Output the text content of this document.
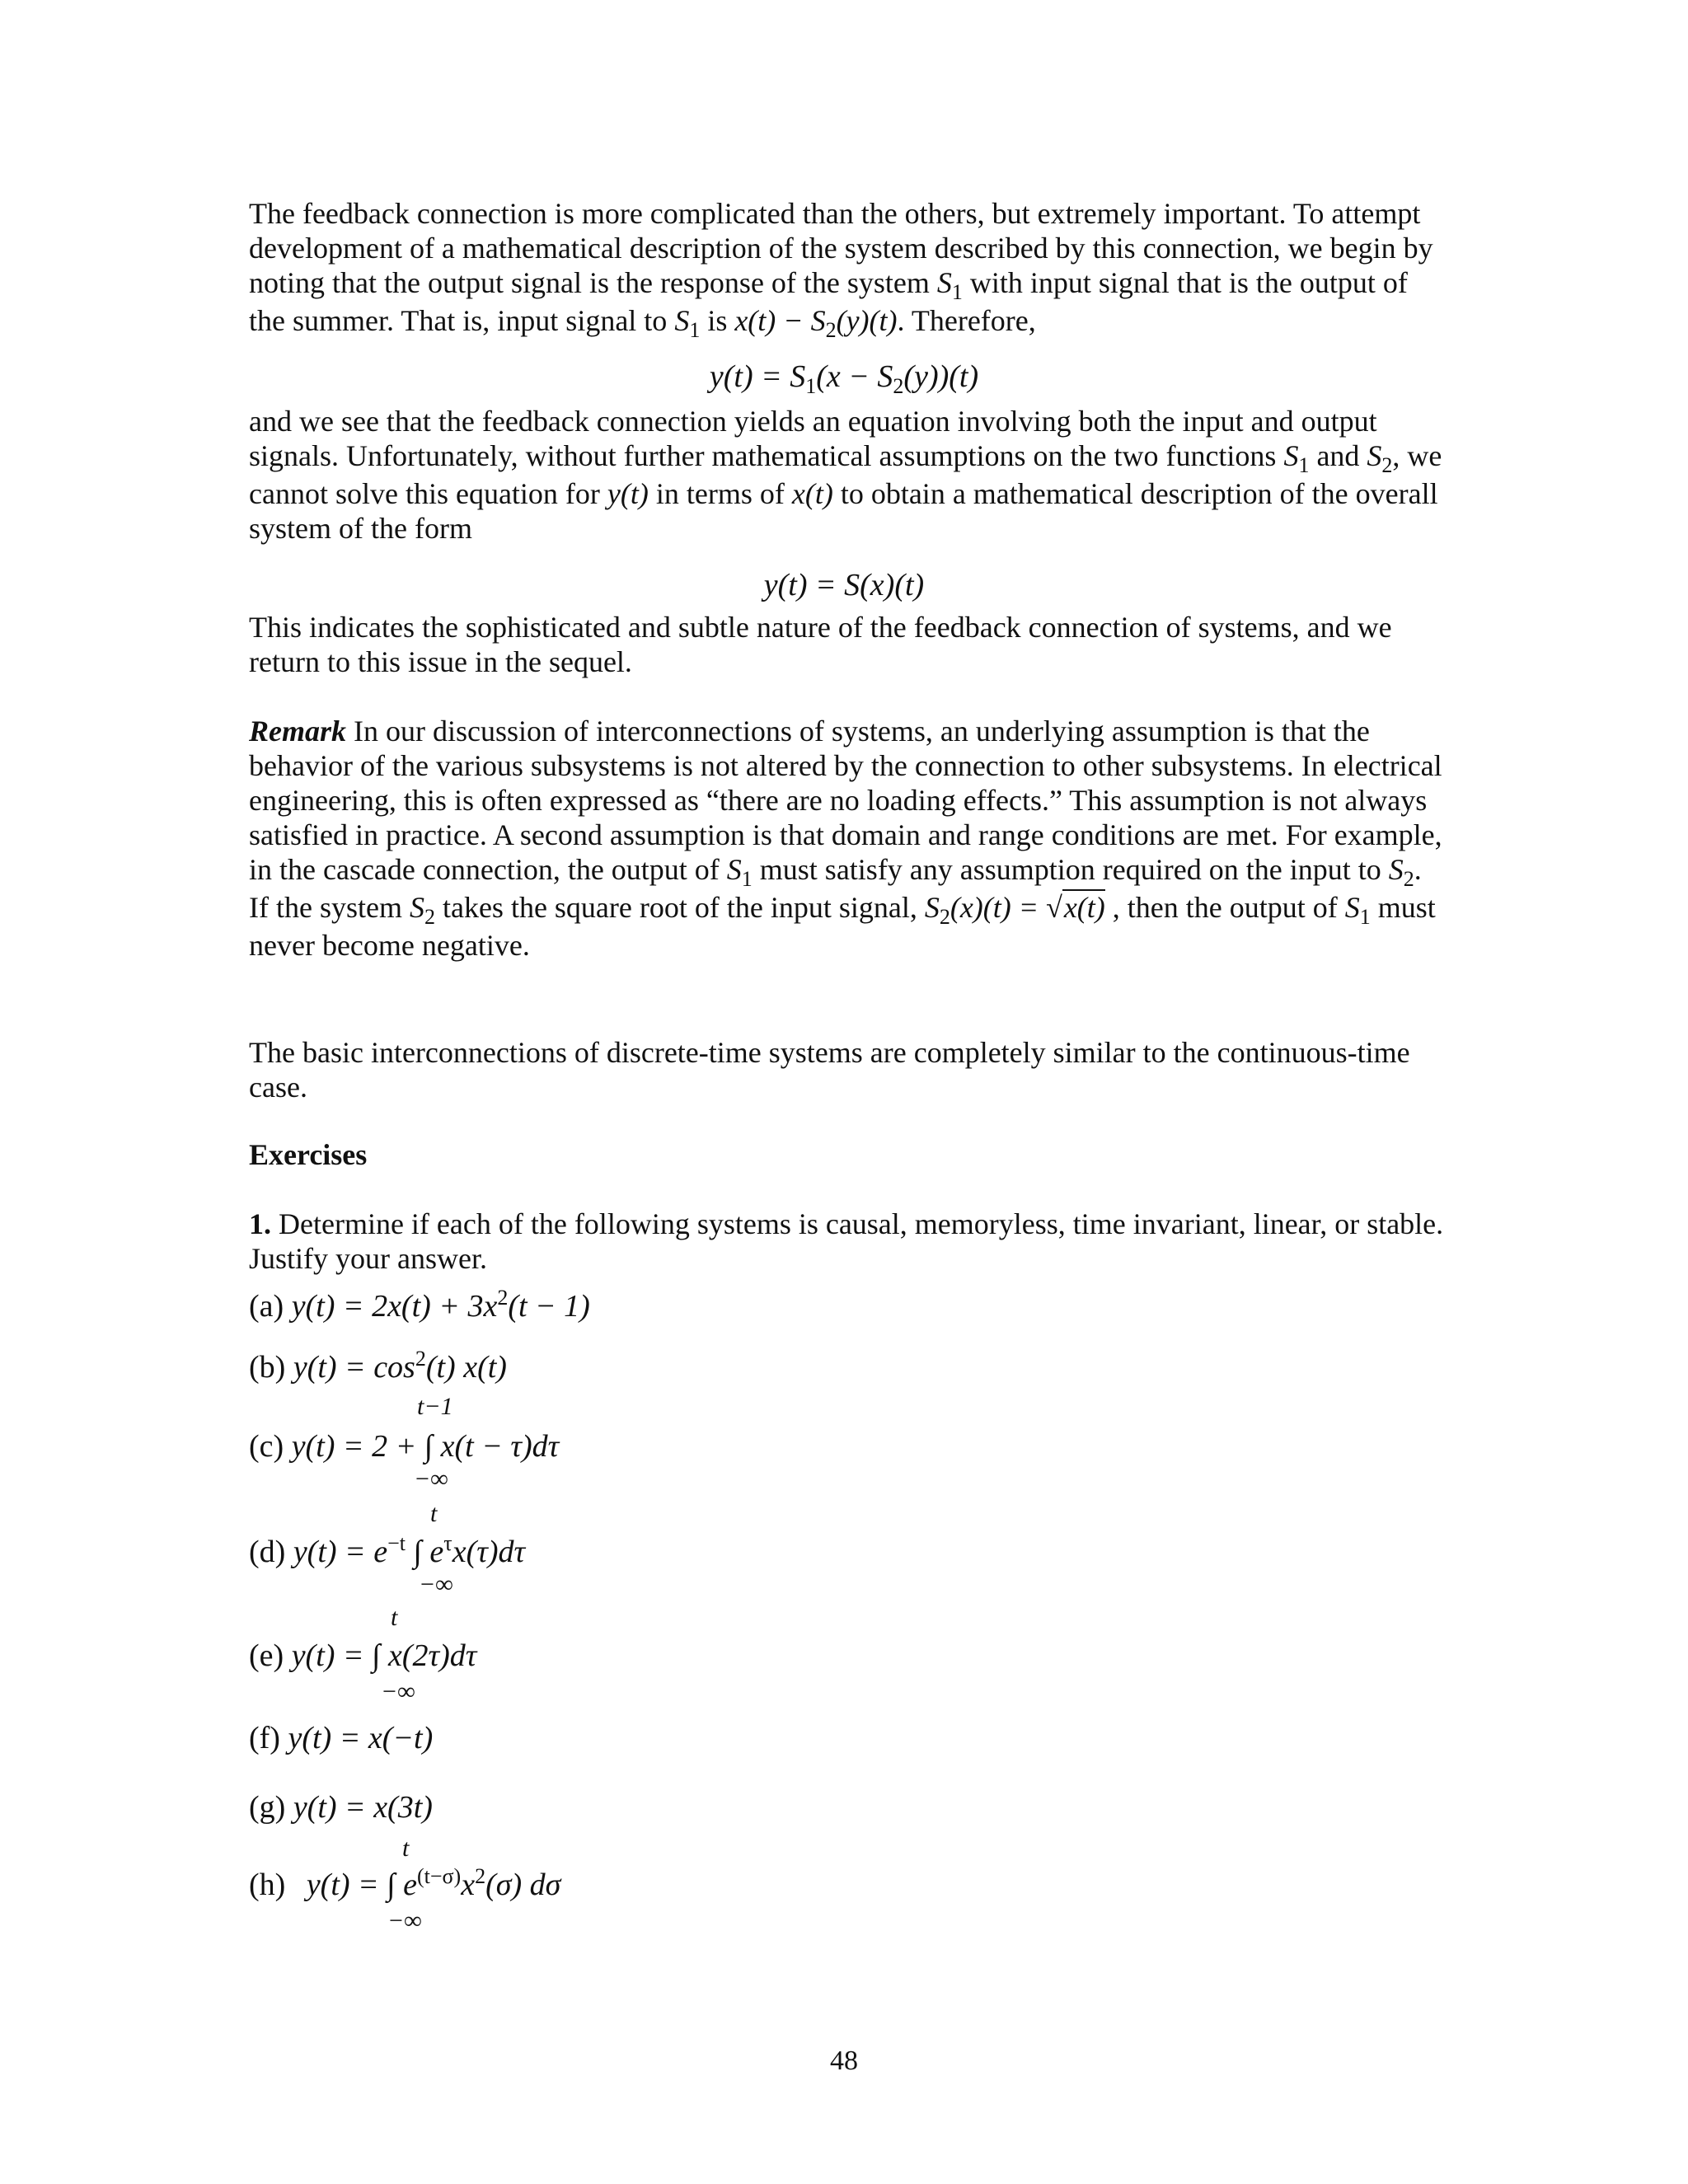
The feedback connection is more complicated than the others, but extremely important. To attempt development of a mathematical description of the system described by this connection, we begin by noting that the output signal is the response of the system $S_1$ with input signal that is the output of the summer. That is, input signal to $S_1$ is $x(t) - S_2(y)(t)$. Therefore,

$y(t) = S_1(x - S_2(y))(t)$

and we see that the feedback connection yields an equation involving both the input and output signals. Unfortunately, without further mathematical assumptions on the two functions $S_1$ and $S_2$, we cannot solve this equation for y(t) in terms of x(t) to obtain a mathematical description of the overall system of the form

y(t) = S(x)(t)

This indicates the sophisticated and subtle nature of the feedback connection of systems, and we return to this issue in the sequel.

Remark In our discussion of interconnections of systems, an underlying assumption is that the behavior of the various subsystems is not altered by the connection to other subsystems. In electrical engineering, this is often expressed as “there are no loading effects.” This assumption is not always satisfied in practice. A second assumption is that domain and range conditions are met. For example, in the cascade connection, the output of $S_1$ must satisfy any assumption required on the input to $S_2$. If the system $S_2$ takes the square root of the input signal, $S_2(x)(t) = √x(t)$ , then the output of $S_1$ must never become negative.

The basic interconnections of discrete-time systems are completely similar to the continuous-time case.

Exercises

1. Determine if each of the following systems is causal, memoryless, time invariant, linear, or stable. Justify your answer.

(a) $y(t) = 2x(t) + 3x^2(t - 1)$
(b) $y(t) = \cos^2(t)$ x(t)
t−1
(c) y(t) = 2 + ∫ x(t − τ)dτ
−∞
t
(d) $y(t) = e^{-t}$ ∫ $e^\tau x(\tau)d\tau$
−∞
t
(e) y(t) = ∫ x(2τ)dτ
−∞
(f) y(t) = x(−t)
(g) y(t) = x(3t)
t
(h) y(t) = ∫ $e^{(t-\sigma)}x^2(\sigma)$ dσ
−∞
48
